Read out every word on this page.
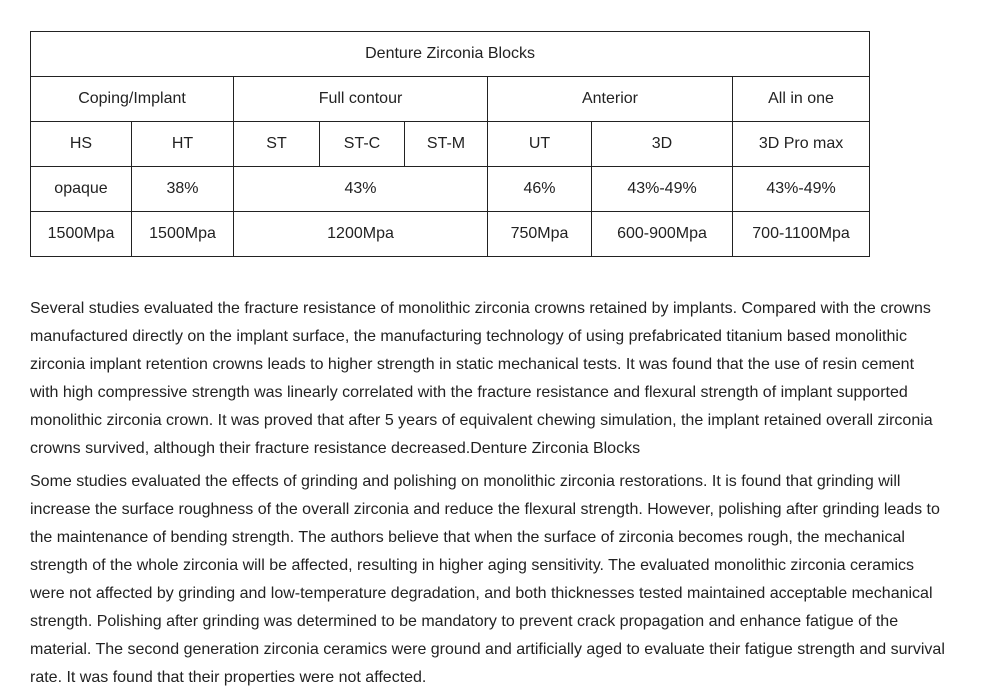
Denture Zirconia Blocks							
Coping/Implant		Full contour			Anterior		All in one
HS	HT	ST	ST-C	ST-M	UT	3D	3D Pro max
opaque	38%	43%			46%	43%-49%	43%-49%
1500Mpa	1500Mpa	1200Mpa			750Mpa	600-900Mpa	700-1100Mpa

Several studies evaluated the fracture resistance of monolithic zirconia crowns retained by implants. Compared with the crowns manufactured directly on the implant surface, the manufacturing technology of using prefabricated titanium based monolithic zirconia implant retention crowns leads to higher strength in static mechanical tests. It was found that the use of resin cement with high compressive strength was linearly correlated with the fracture resistance and flexural strength of implant supported monolithic zirconia crown. It was proved that after 5 years of equivalent chewing simulation, the implant retained overall zirconia crowns survived, although their fracture resistance decreased.Denture Zirconia Blocks

Some studies evaluated the effects of grinding and polishing on monolithic zirconia restorations. It is found that grinding will increase the surface roughness of the overall zirconia and reduce the flexural strength. However, polishing after grinding leads to the maintenance of bending strength. The authors believe that when the surface of zirconia becomes rough, the mechanical strength of the whole zirconia will be affected, resulting in higher aging sensitivity. The evaluated monolithic zirconia ceramics were not affected by grinding and low-temperature degradation, and both thicknesses tested maintained acceptable mechanical strength. Polishing after grinding was determined to be mandatory to prevent crack propagation and enhance fatigue of the material. The second generation zirconia ceramics were ground and artificially aged to evaluate their fatigue strength and survival rate. It was found that their properties were not affected.
